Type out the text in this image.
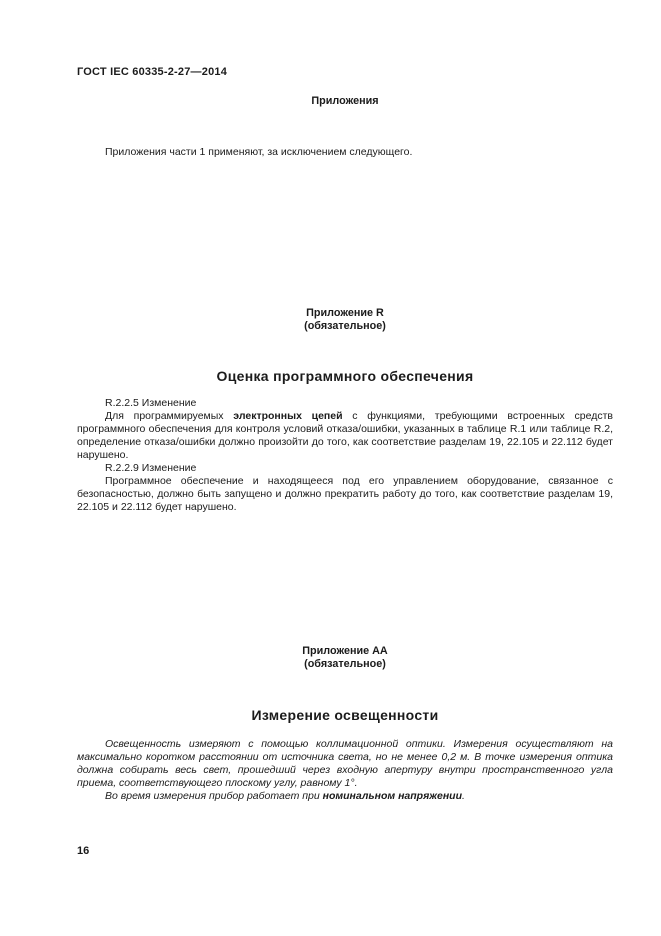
ГОСТ IEC 60335-2-27—2014
Приложения

Приложения части 1 применяют, за исключением следующего.

Приложение R
(обязательное)
Оценка программного обеспечения

R.2.2.5 Изменение

Для программируемых электронных цепей с функциями, требующими встроенных средств программного обеспечения для контроля условий отказа/ошибки, указанных в таблице R.1 или таблице R.2, определение отказа/ошибки должно произойти до того, как соответствие разделам 19, 22.105 и 22.112 будет нарушено.

R.2.2.9 Изменение

Программное обеспечение и находящееся под его управлением оборудование, связанное с безопасностью, должно быть запущено и должно прекратить работу до того, как соответствие разделам 19, 22.105 и 22.112 будет нарушено.

Приложение АА
(обязательное)
Измерение освещенности

Освещенность измеряют с помощью коллимационной оптики. Измерения осуществляют на максимально коротком расстоянии от источника света, но не менее 0,2 м. В точке измерения оптика должна собирать весь свет, прошедший через входную апертуру внутри пространственного угла приема, соответствующего плоскому углу, равному 1°.

Во время измерения прибор работает при номинальном напряжении.

16
